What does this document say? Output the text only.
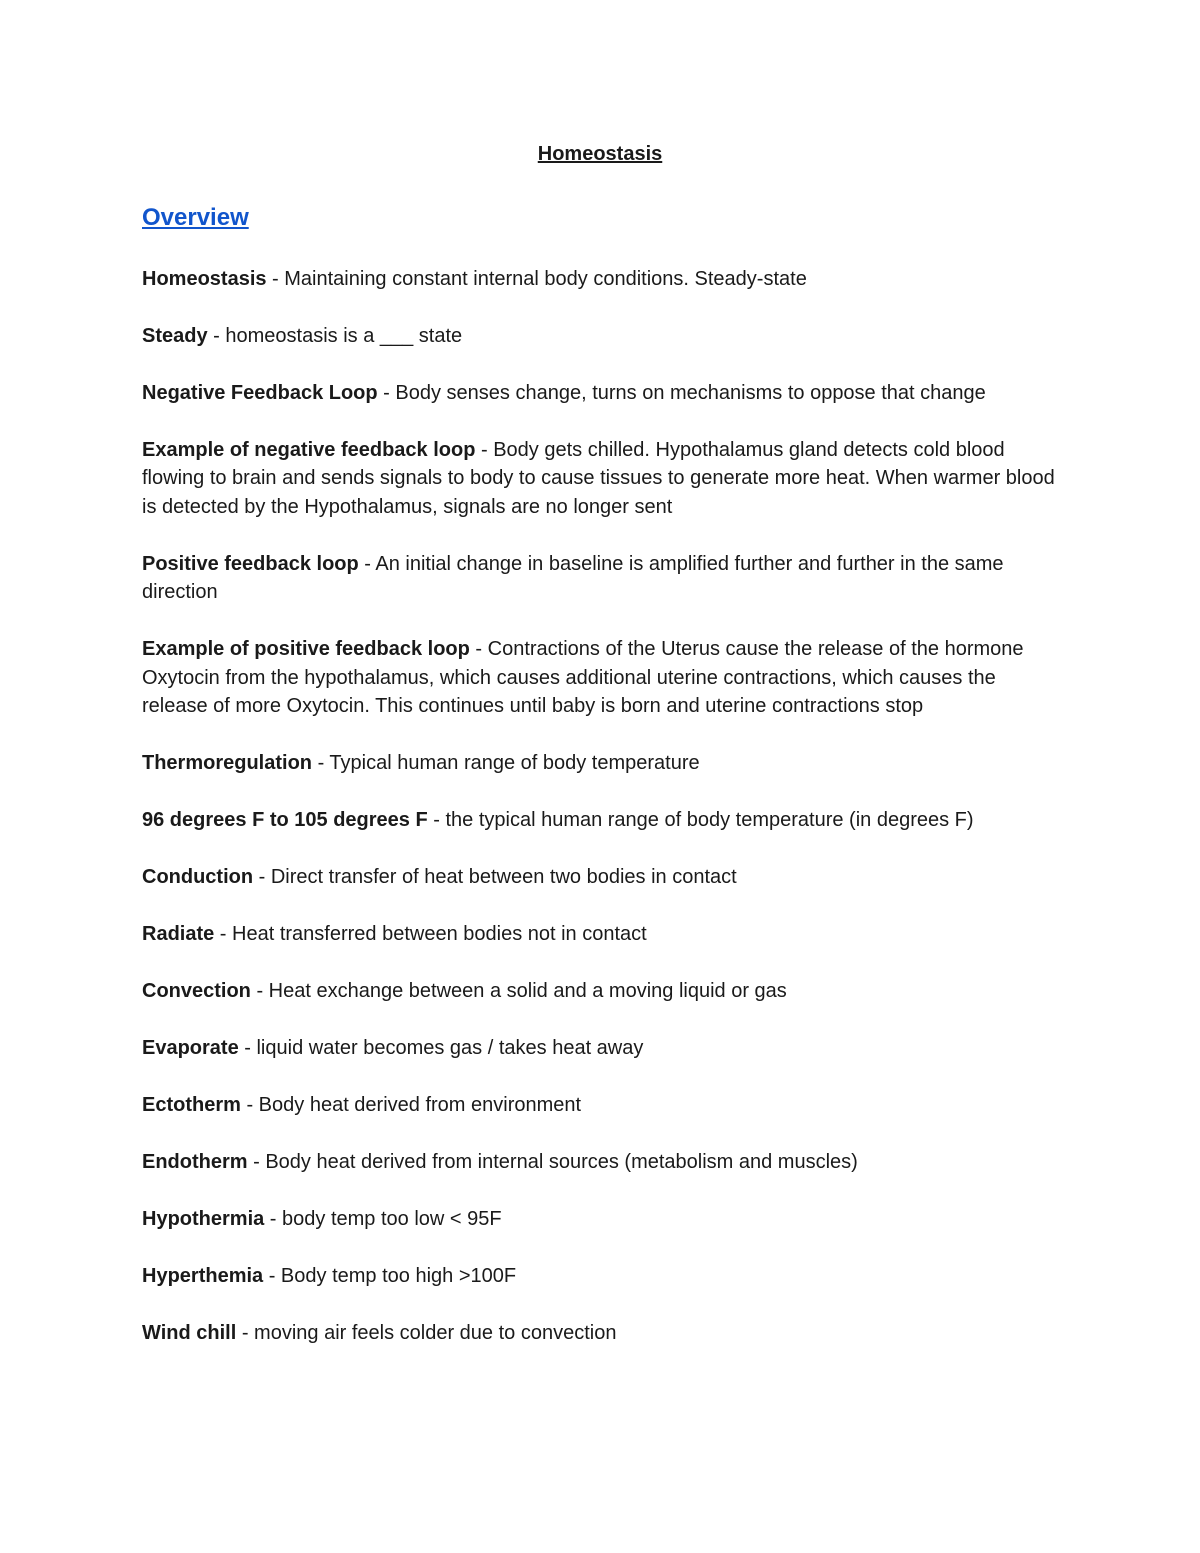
Homeostasis
Overview

Homeostasis - Maintaining constant internal body conditions. Steady-state

Steady - homeostasis is a ___ state

Negative Feedback Loop - Body senses change, turns on mechanisms to oppose that change

Example of negative feedback loop - Body gets chilled. Hypothalamus gland detects cold blood flowing to brain and sends signals to body to cause tissues to generate more heat. When warmer blood is detected by the Hypothalamus, signals are no longer sent

Positive feedback loop - An initial change in baseline is amplified further and further in the same direction

Example of positive feedback loop - Contractions of the Uterus cause the release of the hormone Oxytocin from the hypothalamus, which causes additional uterine contractions, which causes the release of more Oxytocin. This continues until baby is born and uterine contractions stop

Thermoregulation - Typical human range of body temperature

96 degrees F to 105 degrees F - the typical human range of body temperature (in degrees F)

Conduction - Direct transfer of heat between two bodies in contact

Radiate - Heat transferred between bodies not in contact

Convection - Heat exchange between a solid and a moving liquid or gas

Evaporate - liquid water becomes gas / takes heat away

Ectotherm - Body heat derived from environment

Endotherm - Body heat derived from internal sources (metabolism and muscles)

Hypothermia - body temp too low < 95F

Hyperthemia - Body temp too high >100F

Wind chill - moving air feels colder due to convection
